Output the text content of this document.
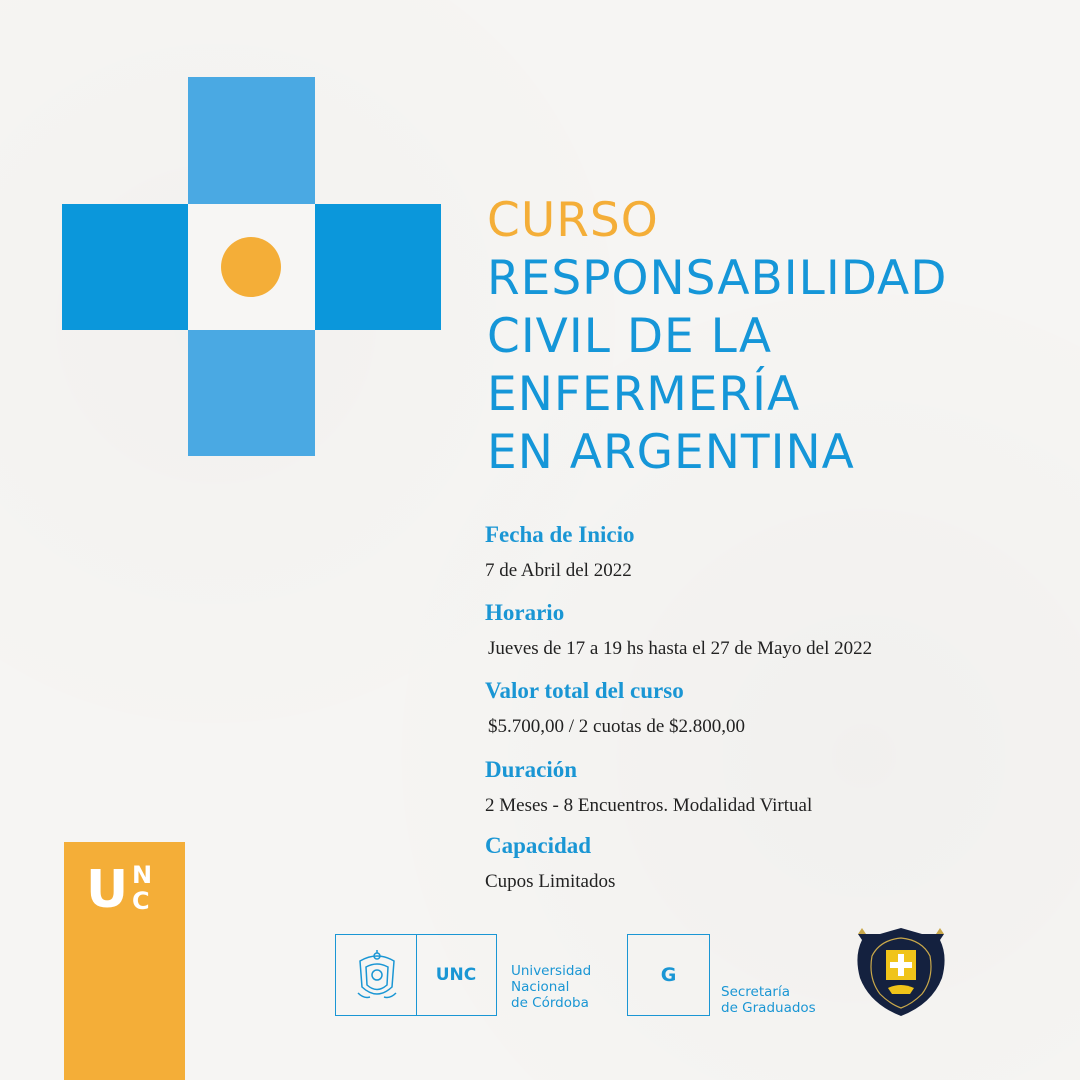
CURSO
RESPONSABILIDAD
CIVIL DE LA
ENFERMERÍA
EN ARGENTINA
Fecha de Inicio
7 de Abril del 2022
Horario
Jueves de 17 a 19 hs hasta el 27 de Mayo del 2022
Valor total del curso
$5.700,00 / 2 cuotas de $2.800,00
Duración
2 Meses - 8 Encuentros. Modalidad Virtual
Capacidad
Cupos Limitados
U N
C
UNC	Universidad
Nacional
de Córdoba
G
Secretaría
de Graduados
